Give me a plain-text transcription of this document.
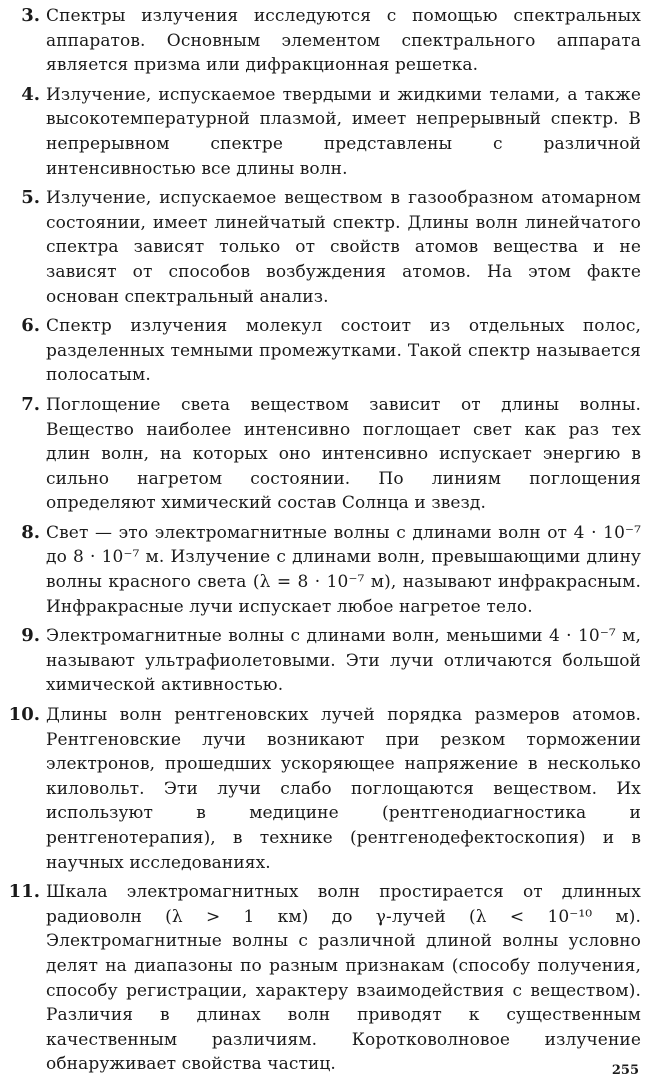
3. Спектры излучения исследуются с помощью спектральных аппаратов. Основным элементом спектрального аппарата является призма или дифракционная решетка.
4. Излучение, испускаемое твердыми и жидкими телами, а также высокотемпературной плазмой, имеет непрерывный спектр. В непрерывном спектре представлены с различной интенсивностью все длины волн.
5. Излучение, испускаемое веществом в газообразном атомарном состоянии, имеет линейчатый спектр. Длины волн линейчатого спектра зависят только от свойств атомов вещества и не зависят от способов возбуждения атомов. На этом факте основан спектральный анализ.
6. Спектр излучения молекул состоит из отдельных полос, разделенных темными промежутками. Такой спектр называется полосатым.
7. Поглощение света веществом зависит от длины волны. Вещество наиболее интенсивно поглощает свет как раз тех длин волн, на которых оно интенсивно испускает энергию в сильно нагретом состоянии. По линиям поглощения определяют химический состав Солнца и звезд.
8. Свет — это электромагнитные волны с длинами волн от 4 · 10⁻⁷ до 8 · 10⁻⁷ м. Излучение с длинами волн, превышающими длину волны красного света (λ = 8 · 10⁻⁷ м), называют инфракрасным. Инфракрасные лучи испускает любое нагретое тело.
9. Электромагнитные волны с длинами волн, меньшими 4 · 10⁻⁷ м, называют ультрафиолетовыми. Эти лучи отличаются большой химической активностью.
10. Длины волн рентгеновских лучей порядка размеров атомов. Рентгеновские лучи возникают при резком торможении электронов, прошедших ускоряющее напряжение в несколько киловольт. Эти лучи слабо поглощаются веществом. Их используют в медицине (рентгенодиагностика и рентгенотерапия), в технике (рентгенодефектоскопия) и в научных исследованиях.
11. Шкала электромагнитных волн простирается от длинных радиоволн (λ > 1 км) до γ-лучей (λ < 10⁻¹⁰ м). Электромагнитные волны с различной длиной волны условно делят на диапазоны по разным признакам (способу получения, способу регистрации, характеру взаимодействия с веществом). Различия в длинах волн приводят к существенным качественным различиям. Коротковолновое излучение обнаруживает свойства частиц.	255
